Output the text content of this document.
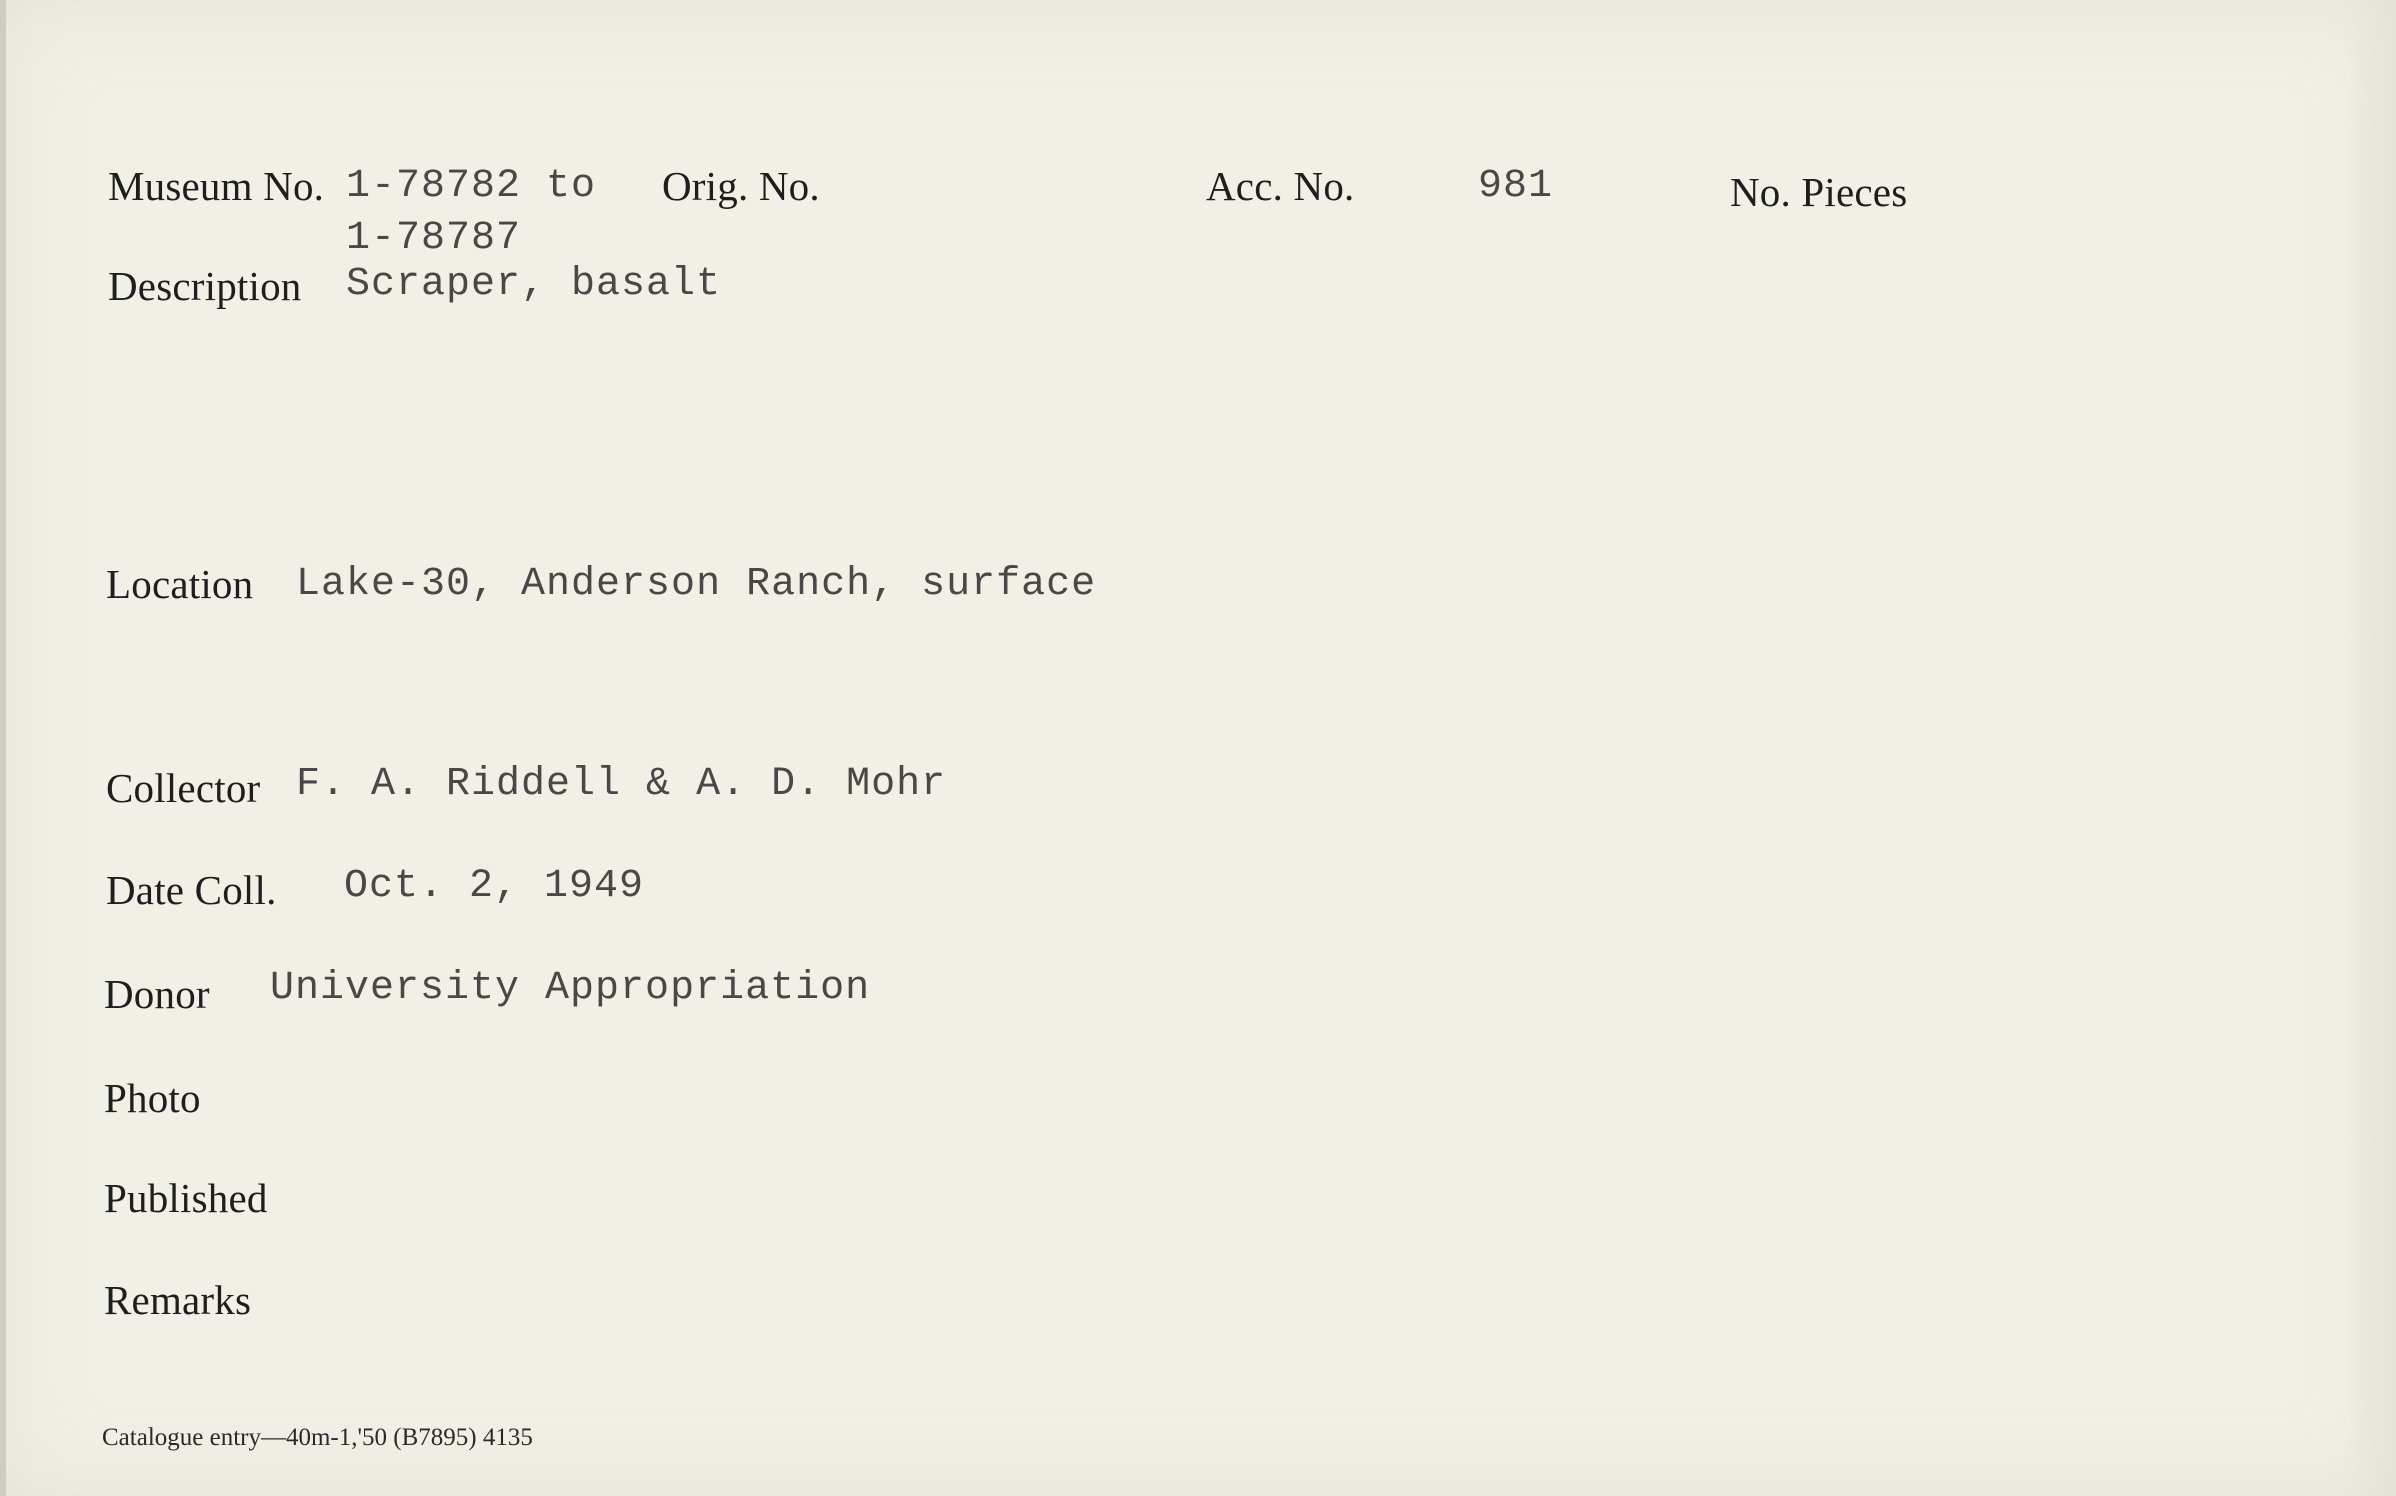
Museum No. 1-78782 to
1-78787
Orig. No.	Acc. No.	981	No. Pieces
Description Scraper, basalt
Location Lake-30, Anderson Ranch, surface
Collector F. A. Riddell & A. D. Mohr
Date Coll. Oct. 2, 1949
Donor University Appropriation
Photo
Published
Remarks
Catalogue entry—40m-1,'50 (B7895) 4135
